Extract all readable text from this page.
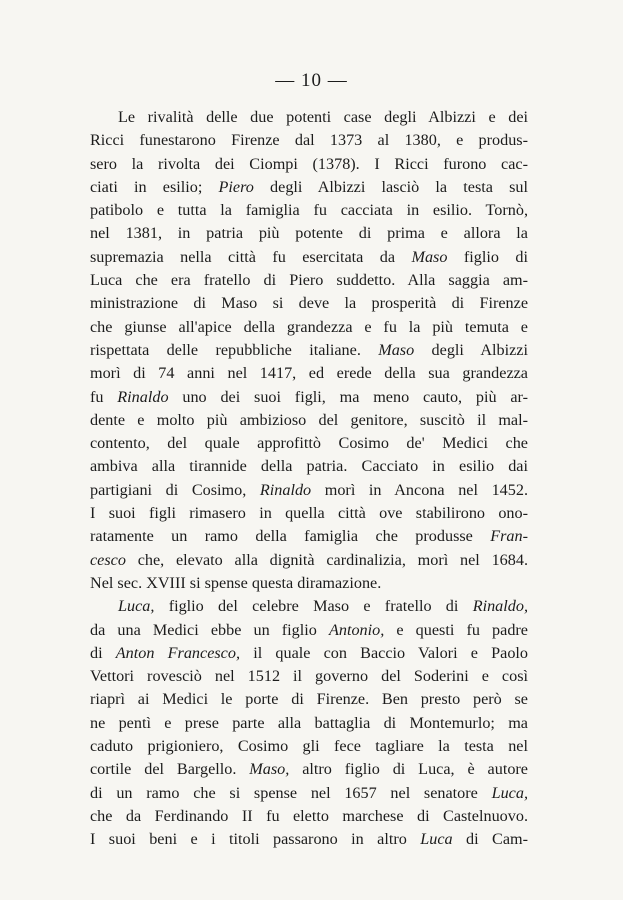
— 10 —
Le rivalità delle due potenti case degli Albizzi e dei
Ricci funestarono Firenze dal 1373 al 1380, e produs-
sero la rivolta dei Ciompi (1378). I Ricci furono cac-
ciati in esilio; Piero degli Albizzi lasciò la testa sul
patibolo e tutta la famiglia fu cacciata in esilio. Tornò,
nel 1381, in patria più potente di prima e allora la
supremazia nella città fu esercitata da Maso figlio di
Luca che era fratello di Piero suddetto. Alla saggia am-
ministrazione di Maso si deve la prosperità di Firenze
che giunse all'apice della grandezza e fu la più temuta e
rispettata delle repubbliche italiane. Maso degli Albizzi
morì di 74 anni nel 1417, ed erede della sua grandezza
fu Rinaldo uno dei suoi figli, ma meno cauto, più ar-
dente e molto più ambizioso del genitore, suscitò il mal-
contento, del quale approfittò Cosimo de' Medici che
ambiva alla tirannide della patria. Cacciato in esilio dai
partigiani di Cosimo, Rinaldo morì in Ancona nel 1452.
I suoi figli rimasero in quella città ove stabilirono ono-
ratamente un ramo della famiglia che produsse Fran-
cesco che, elevato alla dignità cardinalizia, morì nel 1684.
Nel sec. XVIII si spense questa diramazione.
Luca, figlio del celebre Maso e fratello di Rinaldo,
da una Medici ebbe un figlio Antonio, e questi fu padre
di Anton Francesco, il quale con Baccio Valori e Paolo
Vettori rovesciò nel 1512 il governo del Soderini e così
riaprì ai Medici le porte di Firenze. Ben presto però se
ne pentì e prese parte alla battaglia di Montemurlo; ma
caduto prigioniero, Cosimo gli fece tagliare la testa nel
cortile del Bargello. Maso, altro figlio di Luca, è autore
di un ramo che si spense nel 1657 nel senatore Luca,
che da Ferdinando II fu eletto marchese di Castelnuovo.
I suoi beni e i titoli passarono in altro Luca di Cam-
